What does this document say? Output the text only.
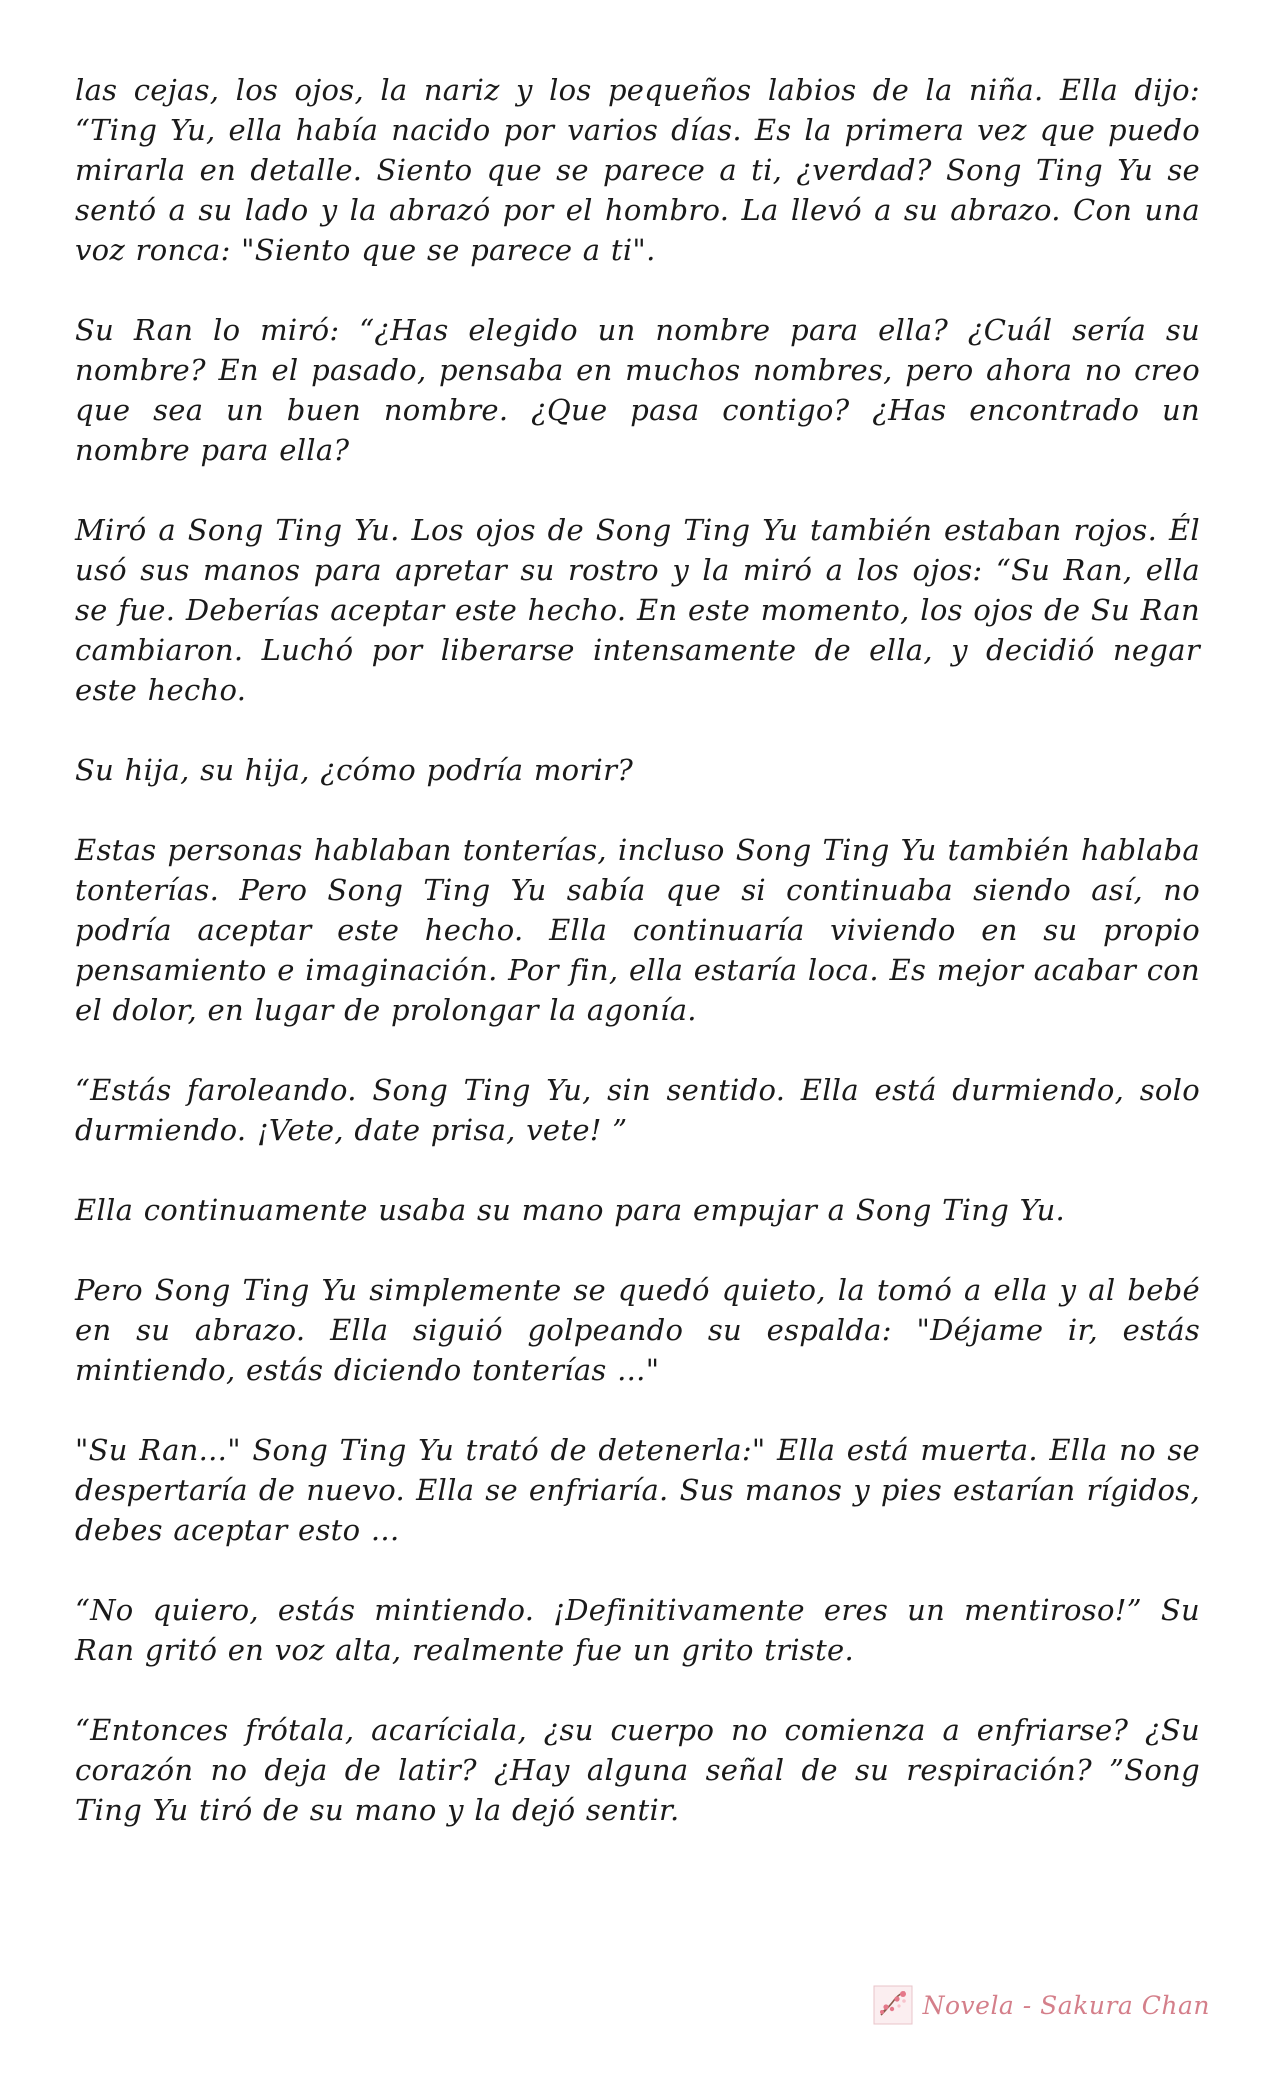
las cejas, los ojos, la nariz y los pequeños labios de la niña. Ella dijo: “Ting Yu, ella había nacido por varios días. Es la primera vez que puedo mirarla en detalle. Siento que se parece a ti, ¿verdad? Song Ting Yu se sentó a su lado y la abrazó por el hombro. La llevó a su abrazo. Con una voz ronca: "Siento que se parece a ti".

Su Ran lo miró: “¿Has elegido un nombre para ella? ¿Cuál sería su nombre? En el pasado, pensaba en muchos nombres, pero ahora no creo que sea un buen nombre. ¿Que pasa contigo? ¿Has encontrado un nombre para ella?

Miró a Song Ting Yu. Los ojos de Song Ting Yu también estaban rojos. Él usó sus manos para apretar su rostro y la miró a los ojos: “Su Ran, ella se fue. Deberías aceptar este hecho. En este momento, los ojos de Su Ran cambiaron. Luchó por liberarse intensamente de ella, y decidió negar este hecho.

Su hija, su hija, ¿cómo podría morir?

Estas personas hablaban tonterías, incluso Song Ting Yu también hablaba tonterías. Pero Song Ting Yu sabía que si continuaba siendo así, no podría aceptar este hecho. Ella continuaría viviendo en su propio pensamiento e imaginación. Por fin, ella estaría loca. Es mejor acabar con el dolor, en lugar de prolongar la agonía.

“Estás faroleando. Song Ting Yu, sin sentido. Ella está durmiendo, solo durmiendo. ¡Vete, date prisa, vete! ”

Ella continuamente usaba su mano para empujar a Song Ting Yu.

Pero Song Ting Yu simplemente se quedó quieto, la tomó a ella y al bebé en su abrazo. Ella siguió golpeando su espalda: "Déjame ir, estás mintiendo, estás diciendo tonterías ..."

"Su Ran..." Song Ting Yu trató de detenerla:" Ella está muerta. Ella no se despertaría de nuevo. Ella se enfriaría. Sus manos y pies estarían rígidos, debes aceptar esto ...

“No quiero, estás mintiendo. ¡Definitivamente eres un mentiroso!” Su Ran gritó en voz alta, realmente fue un grito triste.

“Entonces frótala, acaríciala, ¿su cuerpo no comienza a enfriarse? ¿Su corazón no deja de latir? ¿Hay alguna señal de su respiración? ”Song Ting Yu tiró de su mano y la dejó sentir.

Novela - Sakura Chan
